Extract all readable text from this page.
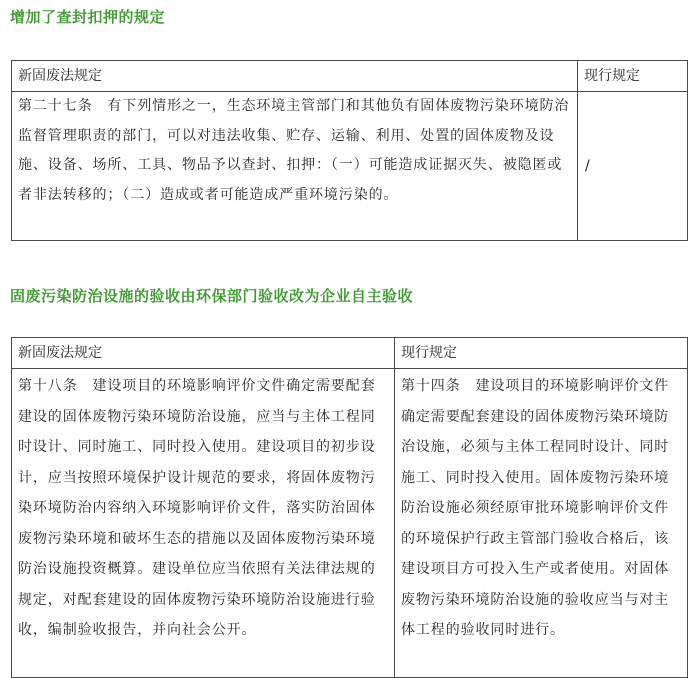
增加了查封扣押的规定
新固废法规定	现行规定
第二十七条　有下列情形之一，生态环境主管部门和其他负有固体废物污染环境防治监督管理职责的部门，可以对违法收集、贮存、运输、利用、处置的固体废物及设施、设备、场所、工具、物品予以查封、扣押：（一）可能造成证据灭失、被隐匿或者非法转移的；（二）造成或者可能造成严重环境污染的。	/
固废污染防治设施的验收由环保部门验收改为企业自主验收
新固废法规定	现行规定
第十八条　建设项目的环境影响评价文件确定需要配套建设的固体废物污染环境防治设施，应当与主体工程同时设计、同时施工、同时投入使用。建设项目的初步设计，应当按照环境保护设计规范的要求，将固体废物污染环境防治内容纳入环境影响评价文件，落实防治固体废物污染环境和破坏生态的措施以及固体废物污染环境防治设施投资概算。建设单位应当依照有关法律法规的规定，对配套建设的固体废物污染环境防治设施进行验收，编制验收报告，并向社会公开。	第十四条　建设项目的环境影响评价文件确定需要配套建设的固体废物污染环境防治设施，必须与主体工程同时设计、同时施工、同时投入使用。固体废物污染环境防治设施必须经原审批环境影响评价文件的环境保护行政主管部门验收合格后，该建设项目方可投入生产或者使用。对固体废物污染环境防治设施的验收应当与对主体工程的验收同时进行。
